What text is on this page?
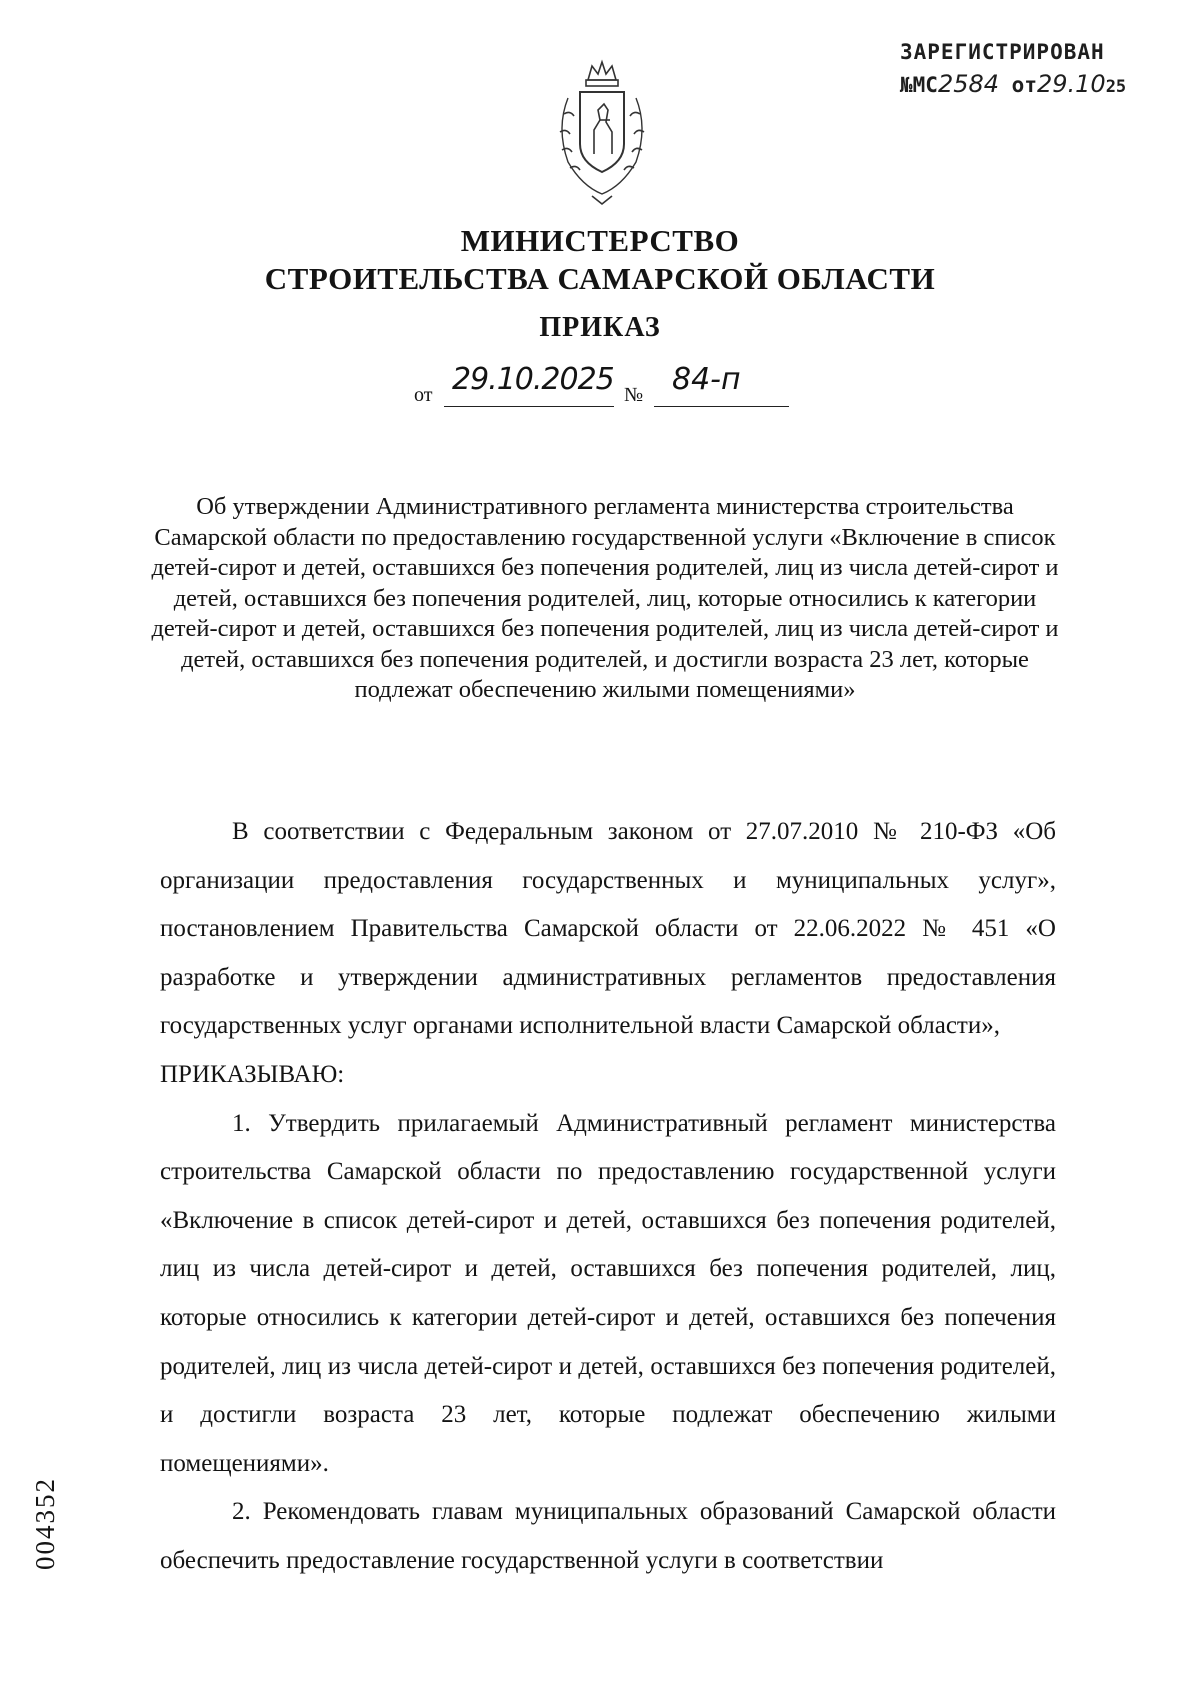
ЗАРЕГИСТРИРОВАН
№МС2584 от29.1025
МИНИСТЕРСТВО
СТРОИТЕЛЬСТВА САМАРСКОЙ ОБЛАСТИ
ПРИКАЗ
от 29.10.2025 № 84-п
Об утверждении Административного регламента министерства строительства Самарской области по предоставлению государственной услуги «Включение в список детей-сирот и детей, оставшихся без попечения родителей, лиц из числа детей-сирот и детей, оставшихся без попечения родителей, лиц, которые относились к категории детей-сирот и детей, оставшихся без попечения родителей, лиц из числа детей-сирот и детей, оставшихся без попечения родителей, и достигли возраста 23 лет, которые подлежат обеспечению жилыми помещениями»

В соответствии с Федеральным законом от 27.07.2010 № 210-ФЗ «Об организации предоставления государственных и муниципальных услуг», постановлением Правительства Самарской области от 22.06.2022 № 451 «О разработке и утверждении административных регламентов предоставления государственных услуг органами исполнительной власти Самарской области»,

ПРИКАЗЫВАЮ:

1. Утвердить прилагаемый Административный регламент министерства строительства Самарской области по предоставлению государственной услуги «Включение в список детей-сирот и детей, оставшихся без попечения родителей, лиц из числа детей-сирот и детей, оставшихся без попечения родителей, лиц, которые относились к категории детей-сирот и детей, оставшихся без попечения родителей, лиц из числа детей-сирот и детей, оставшихся без попечения родителей, и достигли возраста 23 лет, которые подлежат обеспечению жилыми помещениями».

2. Рекомендовать главам муниципальных образований Самарской области обеспечить предоставление государственной услуги в соответствии

004352
